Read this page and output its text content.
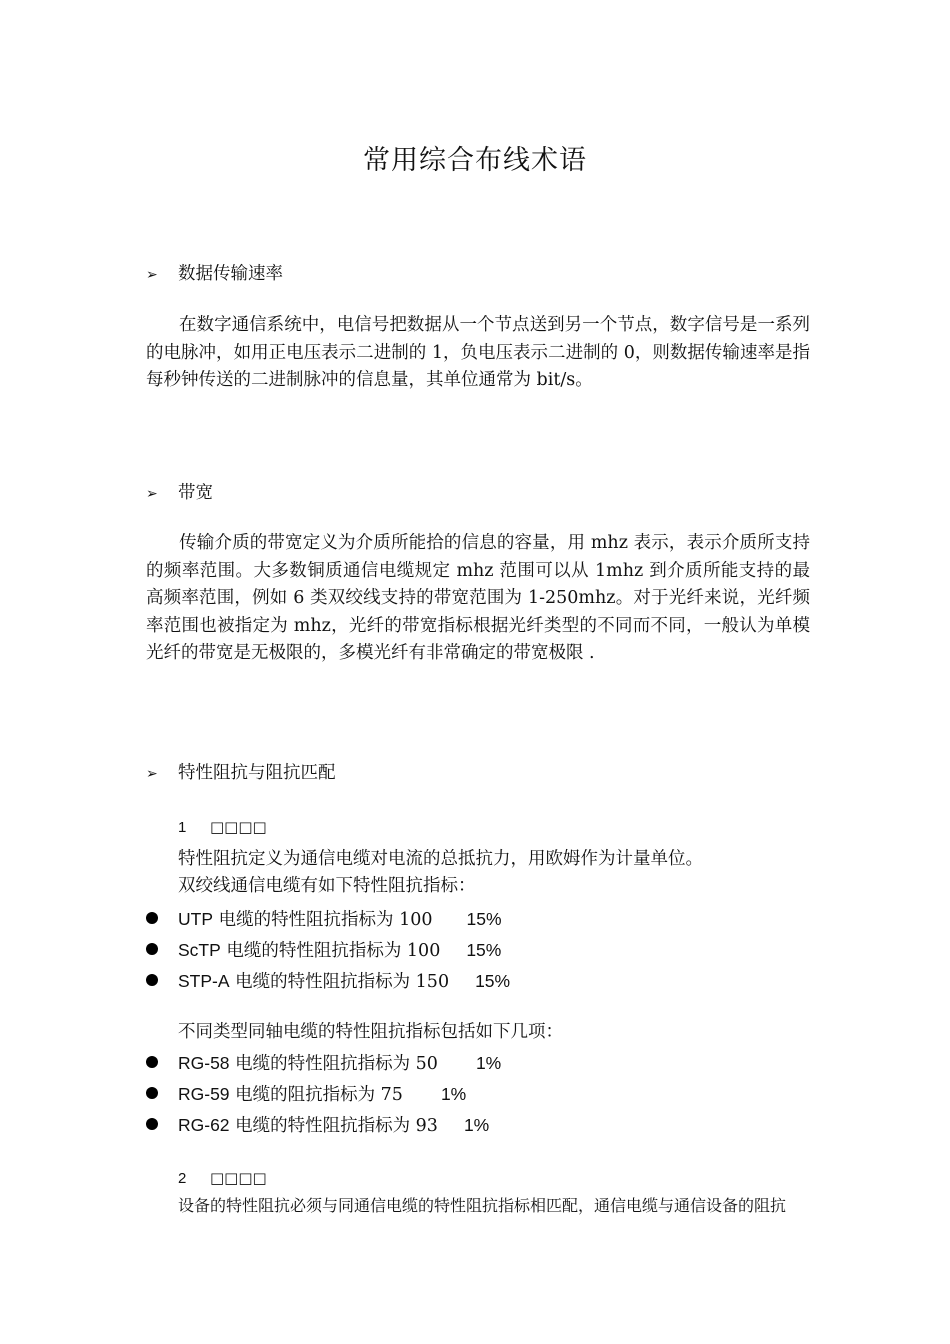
常用综合布线术语
➢ 数据传输速率

在数字通信系统中，电信号把数据从一个节点送到另一个节点，数字信号是一系列的电脉冲，如用正电压表示二进制的 1，负电压表示二进制的 0，则数据传输速率是指每秒钟传送的二进制脉冲的信息量，其单位通常为 bit/s。

➢ 带宽

传输介质的带宽定义为介质所能拾的信息的容量，用 mhz 表示，表示介质所支持的频率范围。大多数铜质通信电缆规定 mhz 范围可以从 1mhz 到介质所能支持的最高频率范围，例如 6 类双绞线支持的带宽范围为 1-250mhz。对于光纤来说，光纤频率范围也被指定为 mhz，光纤的带宽指标根据光纤类型的不同而不同，一般认为单模光纤的带宽是无极限的，多模光纤有非常确定的带宽极限 .

➢ 特性阻抗与阻抗匹配
1 □□□□
特性阻抗定义为通信电缆对电流的总抵抗力，用欧姆作为计量单位。
双绞线通信电缆有如下特性阻抗指标：
UTP 电缆的特性阻抗指标为 100 15%
ScTP 电缆的特性阻抗指标为 100 15%
STP-A 电缆的特性阻抗指标为 150 15%
不同类型同轴电缆的特性阻抗指标包括如下几项：
RG-58 电缆的特性阻抗指标为 50 1%
RG-59 电缆的阻抗指标为 75 1%
RG-62 电缆的特性阻抗指标为 93 1%
2 □□□□
设备的特性阻抗必须与同通信电缆的特性阻抗指标相匹配，通信电缆与通信设备的阻抗
